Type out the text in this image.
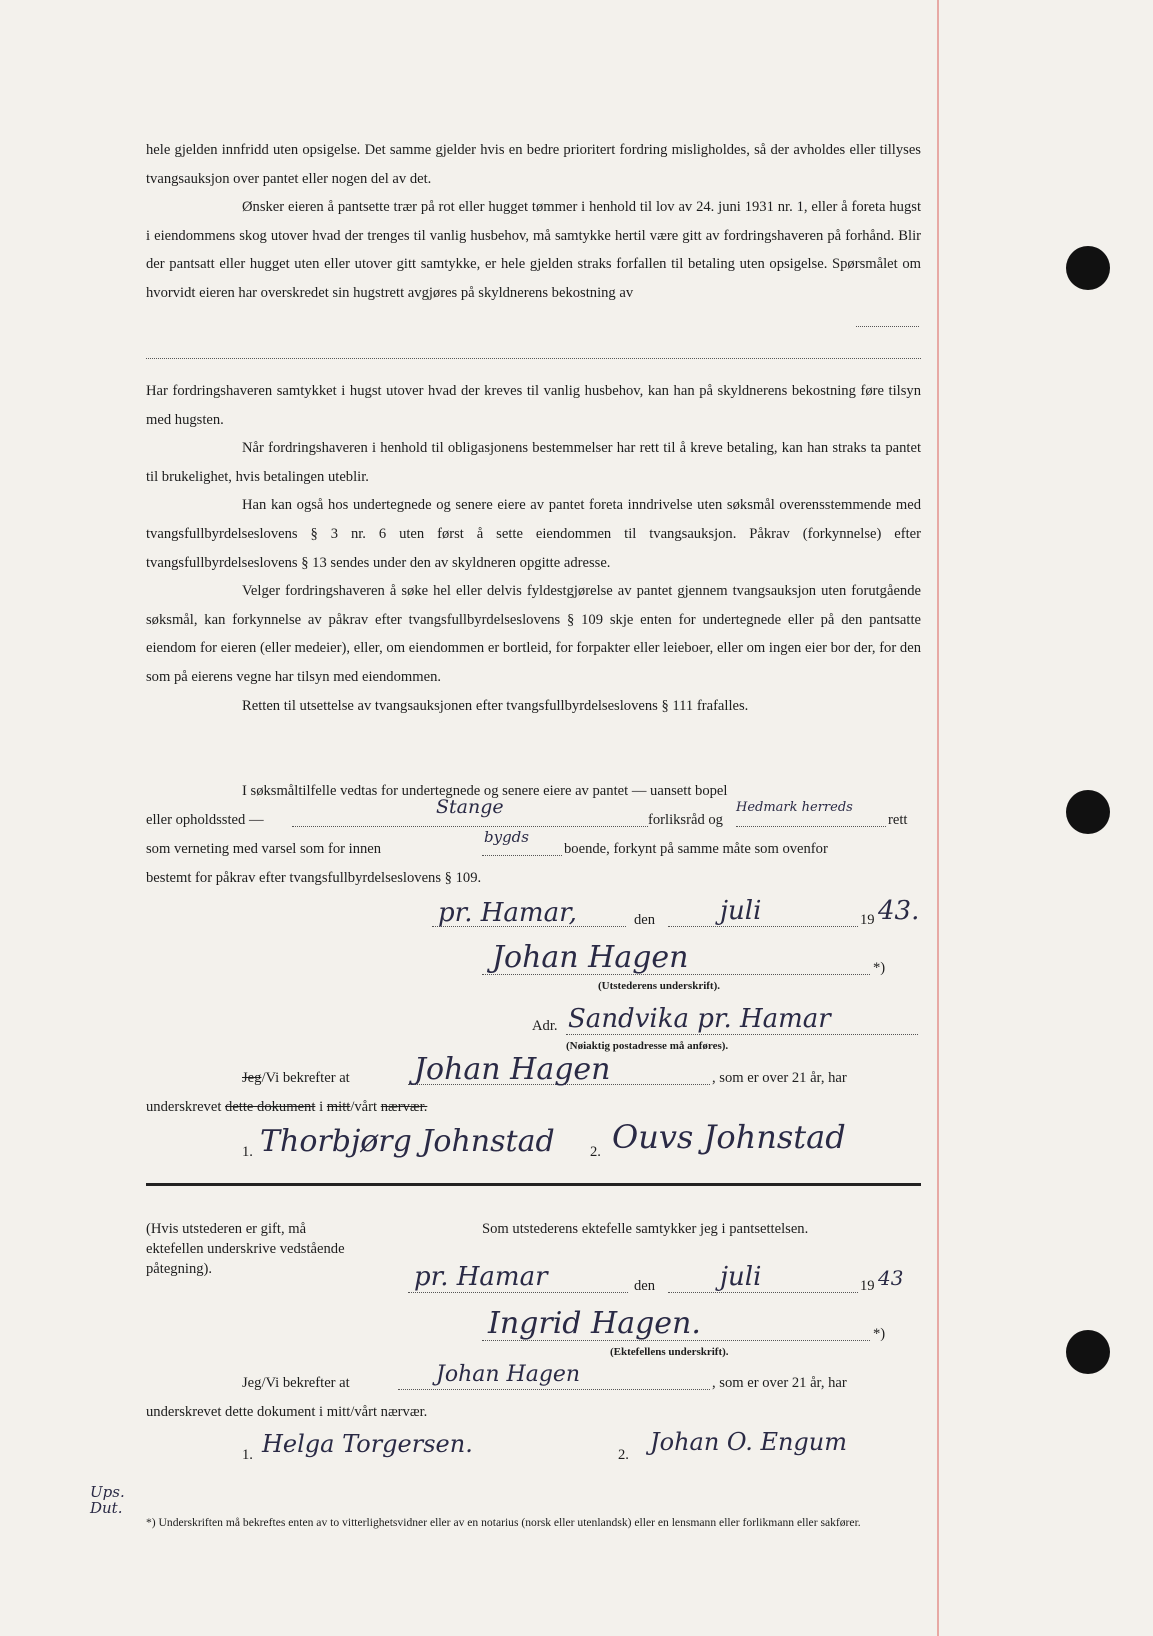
hele gjelden innfridd uten opsigelse. Det samme gjelder hvis en bedre prioritert fordring misligholdes, så der avholdes eller tillyses tvangsauksjon over pantet eller nogen del av det.

Ønsker eieren å pantsette trær på rot eller hugget tømmer i henhold til lov av 24. juni 1931 nr. 1, eller å foreta hugst i eiendommens skog utover hvad der trenges til vanlig husbehov, må samtykke hertil være gitt av fordringshaveren på forhånd. Blir der pantsatt eller hugget uten eller utover gitt samtykke, er hele gjelden straks forfallen til betaling uten opsigelse. Spørsmålet om hvorvidt eieren har overskredet sin hugstrett avgjøres på skyldnerens bekostning av

Har fordringshaveren samtykket i hugst utover hvad der kreves til vanlig husbehov, kan han på skyldnerens bekostning føre tilsyn med hugsten.

Når fordringshaveren i henhold til obligasjonens bestemmelser har rett til å kreve betaling, kan han straks ta pantet til brukelighet, hvis betalingen uteblir.

Han kan også hos undertegnede og senere eiere av pantet foreta inndrivelse uten søksmål overensstemmende med tvangsfullbyrdelseslovens § 3 nr. 6 uten først å sette eiendommen til tvangsauksjon. Påkrav (forkynnelse) efter tvangsfullbyrdelseslovens § 13 sendes under den av skyldneren opgitte adresse.

Velger fordringshaveren å søke hel eller delvis fyldestgjørelse av pantet gjennem tvangsauksjon uten forutgående søksmål, kan forkynnelse av påkrav efter tvangsfullbyrdelseslovens § 109 skje enten for undertegnede eller på den pantsatte eiendom for eieren (eller medeier), eller, om eiendommen er bortleid, for forpakter eller leieboer, eller om ingen eier bor der, for den som på eierens vegne har tilsyn med eiendommen.

Retten til utsettelse av tvangsauksjonen efter tvangsfullbyrdelseslovens § 111 frafalles.

I søksmåltilfelle vedtas for undertegnede og senere eiere av pantet — uansett bopel
eller opholdssted —
Stange
forliksråd og
Hedmark herreds
rett
som verneting med varsel som for innen
bygds
boende, forkynt på samme måte som ovenfor
bestemt for påkrav efter tvangsfullbyrdelseslovens § 109.
pr. Hamar,	den juli	19 43.
Johan Hagen	*)
(Utstederens underskrift).
Adr. Sandvika pr. Hamar
(Nøiaktig postadresse må anføres).
Jeg/Vi bekrefter at Johan Hagen	, som er over 21 år, har
underskrevet dette dokument i mitt/vårt nærvær.
1. Thorbjørg Johnstad 2. Ouvs Johnstad
(Hvis utstederen er gift, må ektefellen underskrive vedstående påtegning).
Som utstederens ektefelle samtykker jeg i pantsettelsen.
pr. Hamar	den juli	19 43
Ingrid Hagen.	*)
(Ektefellens underskrift).
Jeg/Vi bekrefter at	Johan Hagen	, som er over 21 år, har
underskrevet dette dokument i mitt/vårt nærvær.
1. Helga Torgersen.	2. Johan O. Engum
Ups. Dut.
*) Underskriften må bekreftes enten av to vitterlighetsvidner eller av en notarius (norsk eller utenlandsk) eller en lensmann eller forlikmann eller sakfører.
